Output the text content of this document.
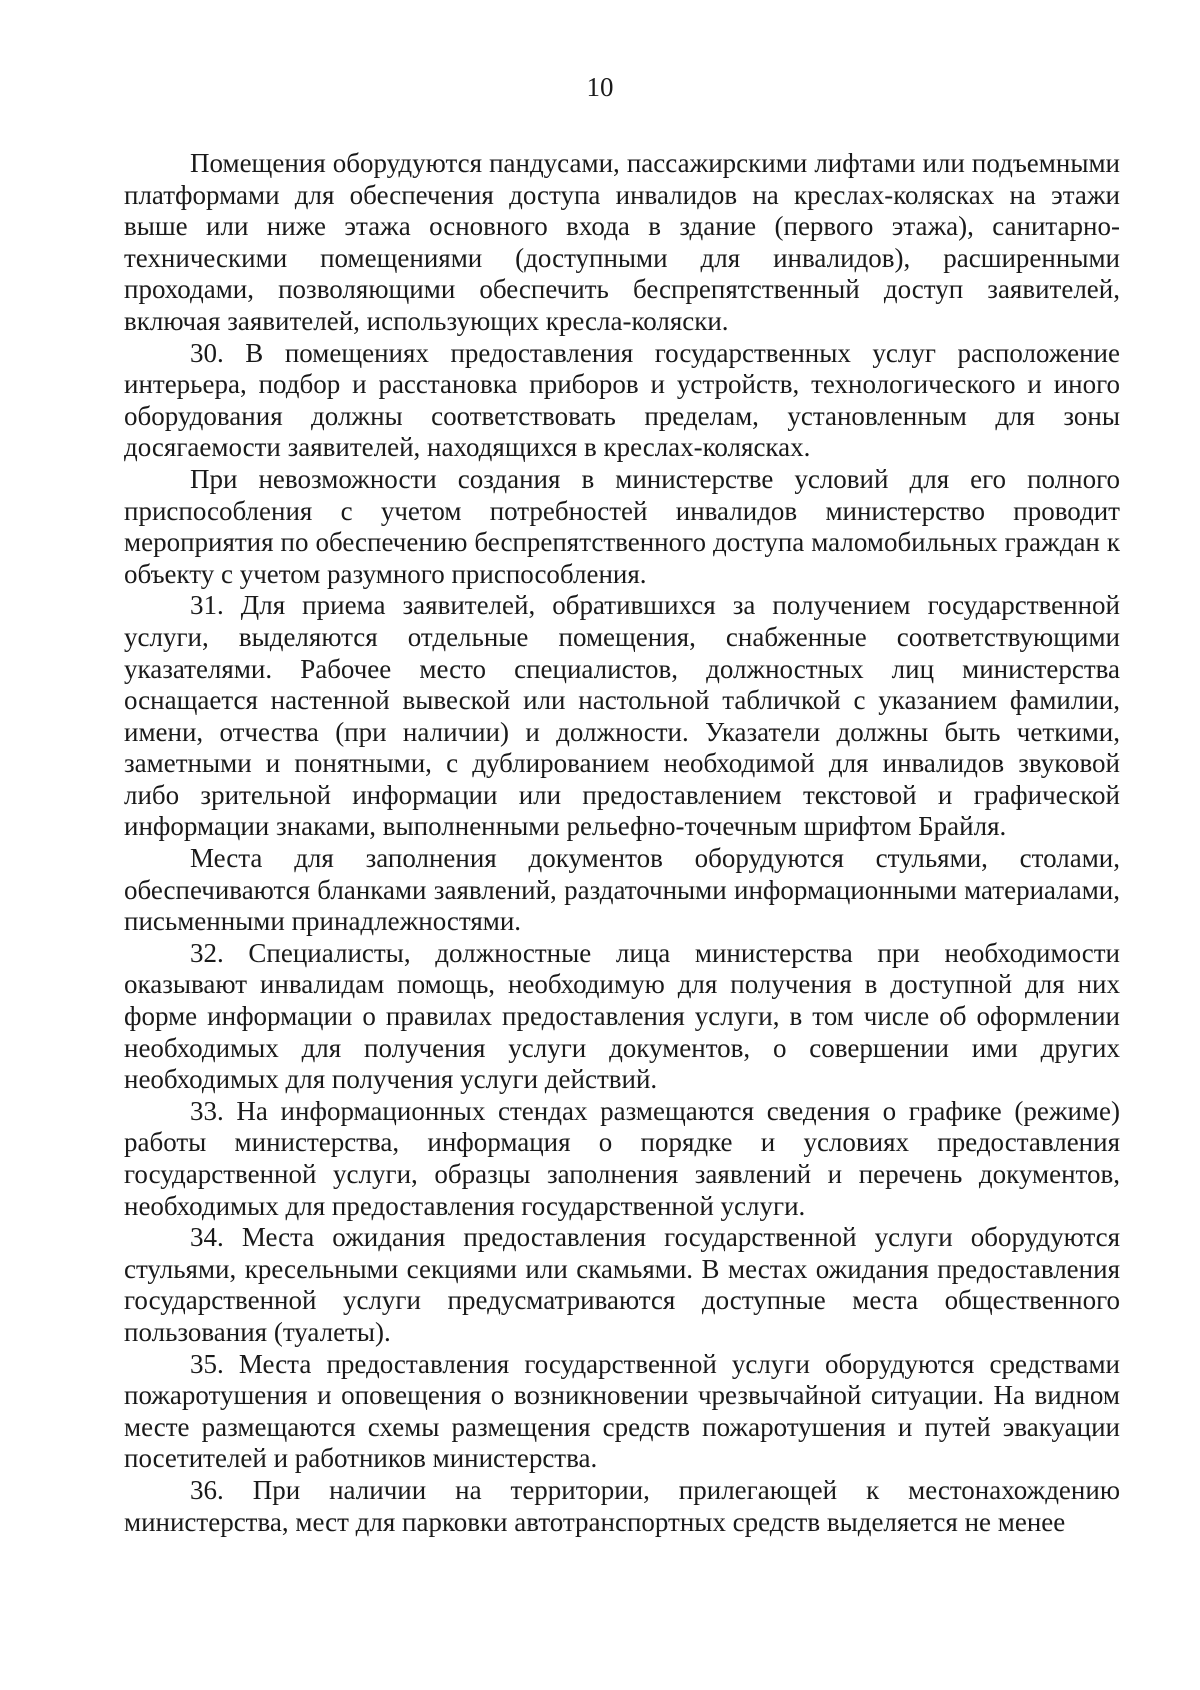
10

Помещения оборудуются пандусами, пассажирскими лифтами или подъемными платформами для обеспечения доступа инвалидов на креслах-колясках на этажи выше или ниже этажа основного входа в здание (первого этажа), санитарно-техническими помещениями (доступными для инвалидов), расширенными проходами, позволяющими обеспечить беспрепятственный доступ заявителей, включая заявителей, использующих кресла-коляски.

30. В помещениях предоставления государственных услуг расположение интерьера, подбор и расстановка приборов и устройств, технологического и иного оборудования должны соответствовать пределам, установленным для зоны досягаемости заявителей, находящихся в креслах-колясках.

При невозможности создания в министерстве условий для его полного приспособления с учетом потребностей инвалидов министерство проводит мероприятия по обеспечению беспрепятственного доступа маломобильных граждан к объекту с учетом разумного приспособления.

31. Для приема заявителей, обратившихся за получением государственной услуги, выделяются отдельные помещения, снабженные соответствующими указателями. Рабочее место специалистов, должностных лиц министерства оснащается настенной вывеской или настольной табличкой с указанием фамилии, имени, отчества (при наличии) и должности. Указатели должны быть четкими, заметными и понятными, с дублированием необходимой для инвалидов звуковой либо зрительной информации или предоставлением текстовой и графической информации знаками, выполненными рельефно-точечным шрифтом Брайля.

Места для заполнения документов оборудуются стульями, столами, обеспечиваются бланками заявлений, раздаточными информационными материалами, письменными принадлежностями.

32. Специалисты, должностные лица министерства при необходимости оказывают инвалидам помощь, необходимую для получения в доступной для них форме информации о правилах предоставления услуги, в том числе об оформлении необходимых для получения услуги документов, о совершении ими других необходимых для получения услуги действий.

33. На информационных стендах размещаются сведения о графике (режиме) работы министерства, информация о порядке и условиях предоставления государственной услуги, образцы заполнения заявлений и перечень документов, необходимых для предоставления государственной услуги.

34. Места ожидания предоставления государственной услуги оборудуются стульями, кресельными секциями или скамьями. В местах ожидания предоставления государственной услуги предусматриваются доступные места общественного пользования (туалеты).

35. Места предоставления государственной услуги оборудуются средствами пожаротушения и оповещения о возникновении чрезвычайной ситуации. На видном месте размещаются схемы размещения средств пожаротушения и путей эвакуации посетителей и работников министерства.

36. При наличии на территории, прилегающей к местонахождению министерства, мест для парковки автотранспортных средств выделяется не менее
